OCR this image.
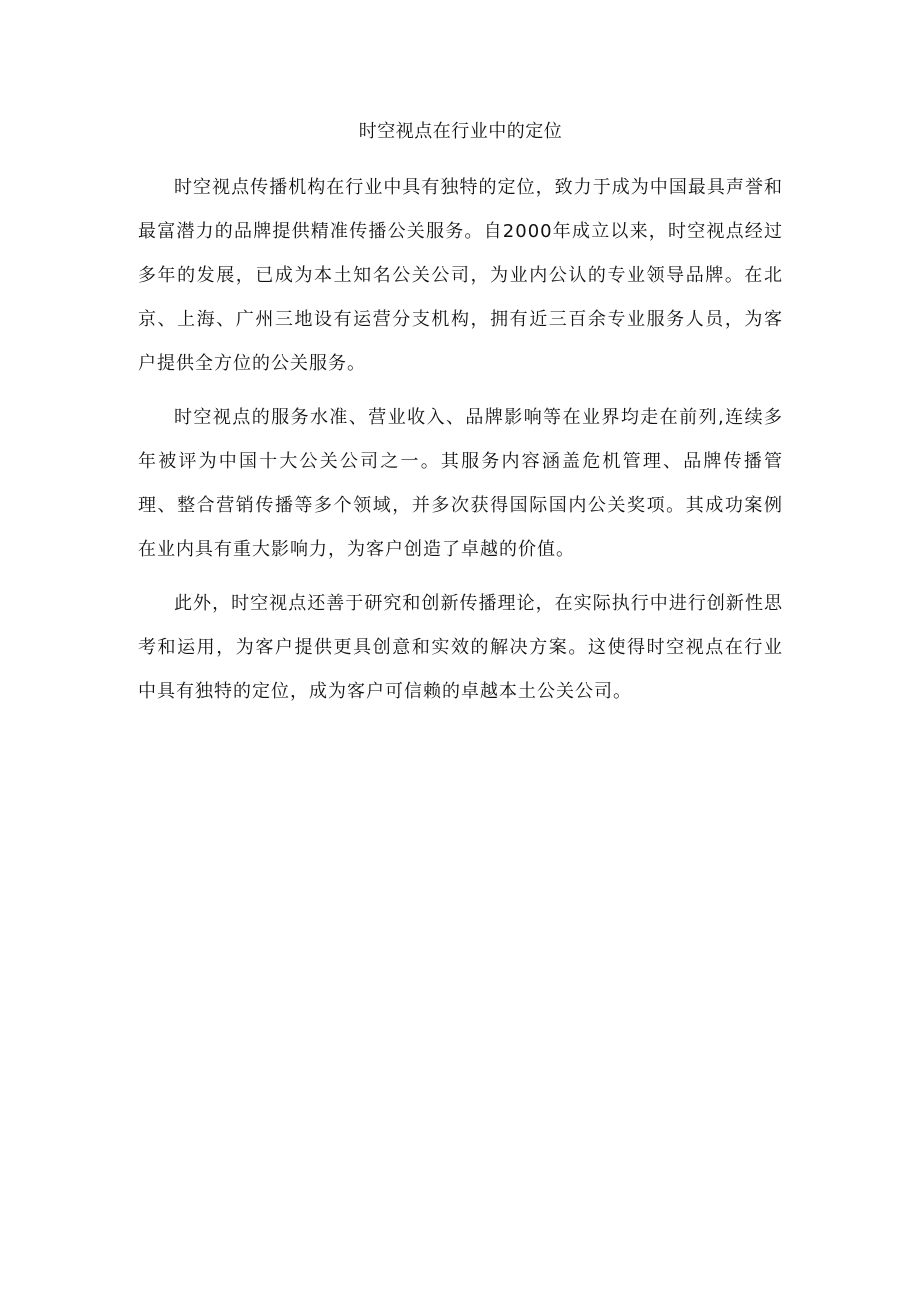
时空视点在行业中的定位

时空视点传播机构在行业中具有独特的定位，致力于成为中国最具声誉和最富潜力的品牌提供精准传播公关服务。自2000年成立以来，时空视点经过多年的发展，已成为本土知名公关公司，为业内公认的专业领导品牌。在北京、上海、广州三地设有运营分支机构，拥有近三百余专业服务人员，为客户提供全方位的公关服务。

时空视点的服务水准、营业收入、品牌影响等在业界均走在前列,连续多年被评为中国十大公关公司之一。其服务内容涵盖危机管理、品牌传播管理、整合营销传播等多个领域，并多次获得国际国内公关奖项。其成功案例在业内具有重大影响力，为客户创造了卓越的价值。

此外，时空视点还善于研究和创新传播理论，在实际执行中进行创新性思考和运用，为客户提供更具创意和实效的解决方案。这使得时空视点在行业中具有独特的定位，成为客户可信赖的卓越本土公关公司。
